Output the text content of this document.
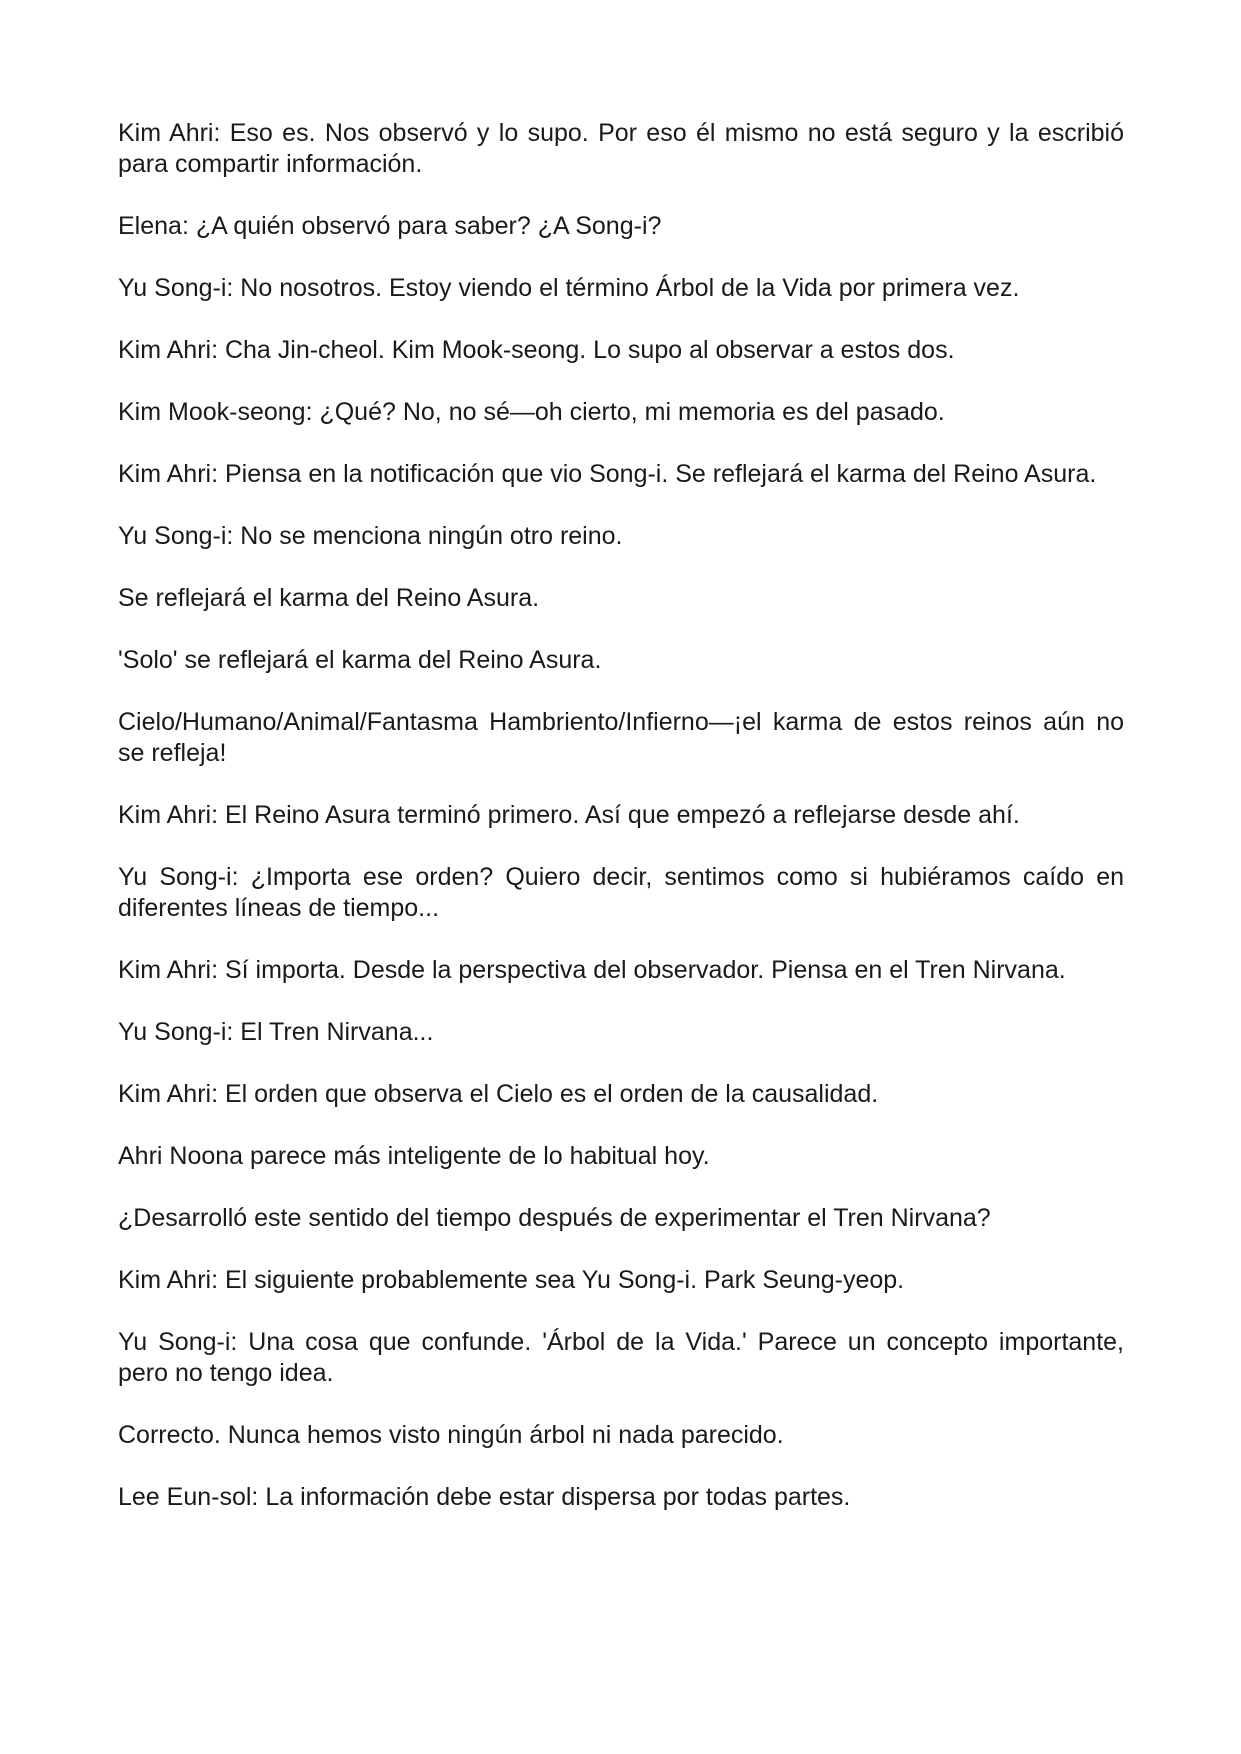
Kim Ahri: Eso es. Nos observó y lo supo. Por eso él mismo no está seguro y la escribió para compartir información.

Elena: ¿A quién observó para saber? ¿A Song-i?

Yu Song-i: No nosotros. Estoy viendo el término Árbol de la Vida por primera vez.

Kim Ahri: Cha Jin-cheol. Kim Mook-seong. Lo supo al observar a estos dos.

Kim Mook-seong: ¿Qué? No, no sé—oh cierto, mi memoria es del pasado.

Kim Ahri: Piensa en la notificación que vio Song-i. Se reflejará el karma del Reino Asura.

Yu Song-i: No se menciona ningún otro reino.

Se reflejará el karma del Reino Asura.

'Solo' se reflejará el karma del Reino Asura.

Cielo/Humano/Animal/Fantasma Hambriento/Infierno—¡el karma de estos reinos aún no se refleja!

Kim Ahri: El Reino Asura terminó primero. Así que empezó a reflejarse desde ahí.

Yu Song-i: ¿Importa ese orden? Quiero decir, sentimos como si hubiéramos caído en diferentes líneas de tiempo...

Kim Ahri: Sí importa. Desde la perspectiva del observador. Piensa en el Tren Nirvana.

Yu Song-i: El Tren Nirvana...

Kim Ahri: El orden que observa el Cielo es el orden de la causalidad.

Ahri Noona parece más inteligente de lo habitual hoy.

¿Desarrolló este sentido del tiempo después de experimentar el Tren Nirvana?

Kim Ahri: El siguiente probablemente sea Yu Song-i. Park Seung-yeop.

Yu Song-i: Una cosa que confunde. 'Árbol de la Vida.' Parece un concepto importante, pero no tengo idea.

Correcto. Nunca hemos visto ningún árbol ni nada parecido.

Lee Eun-sol: La información debe estar dispersa por todas partes.
